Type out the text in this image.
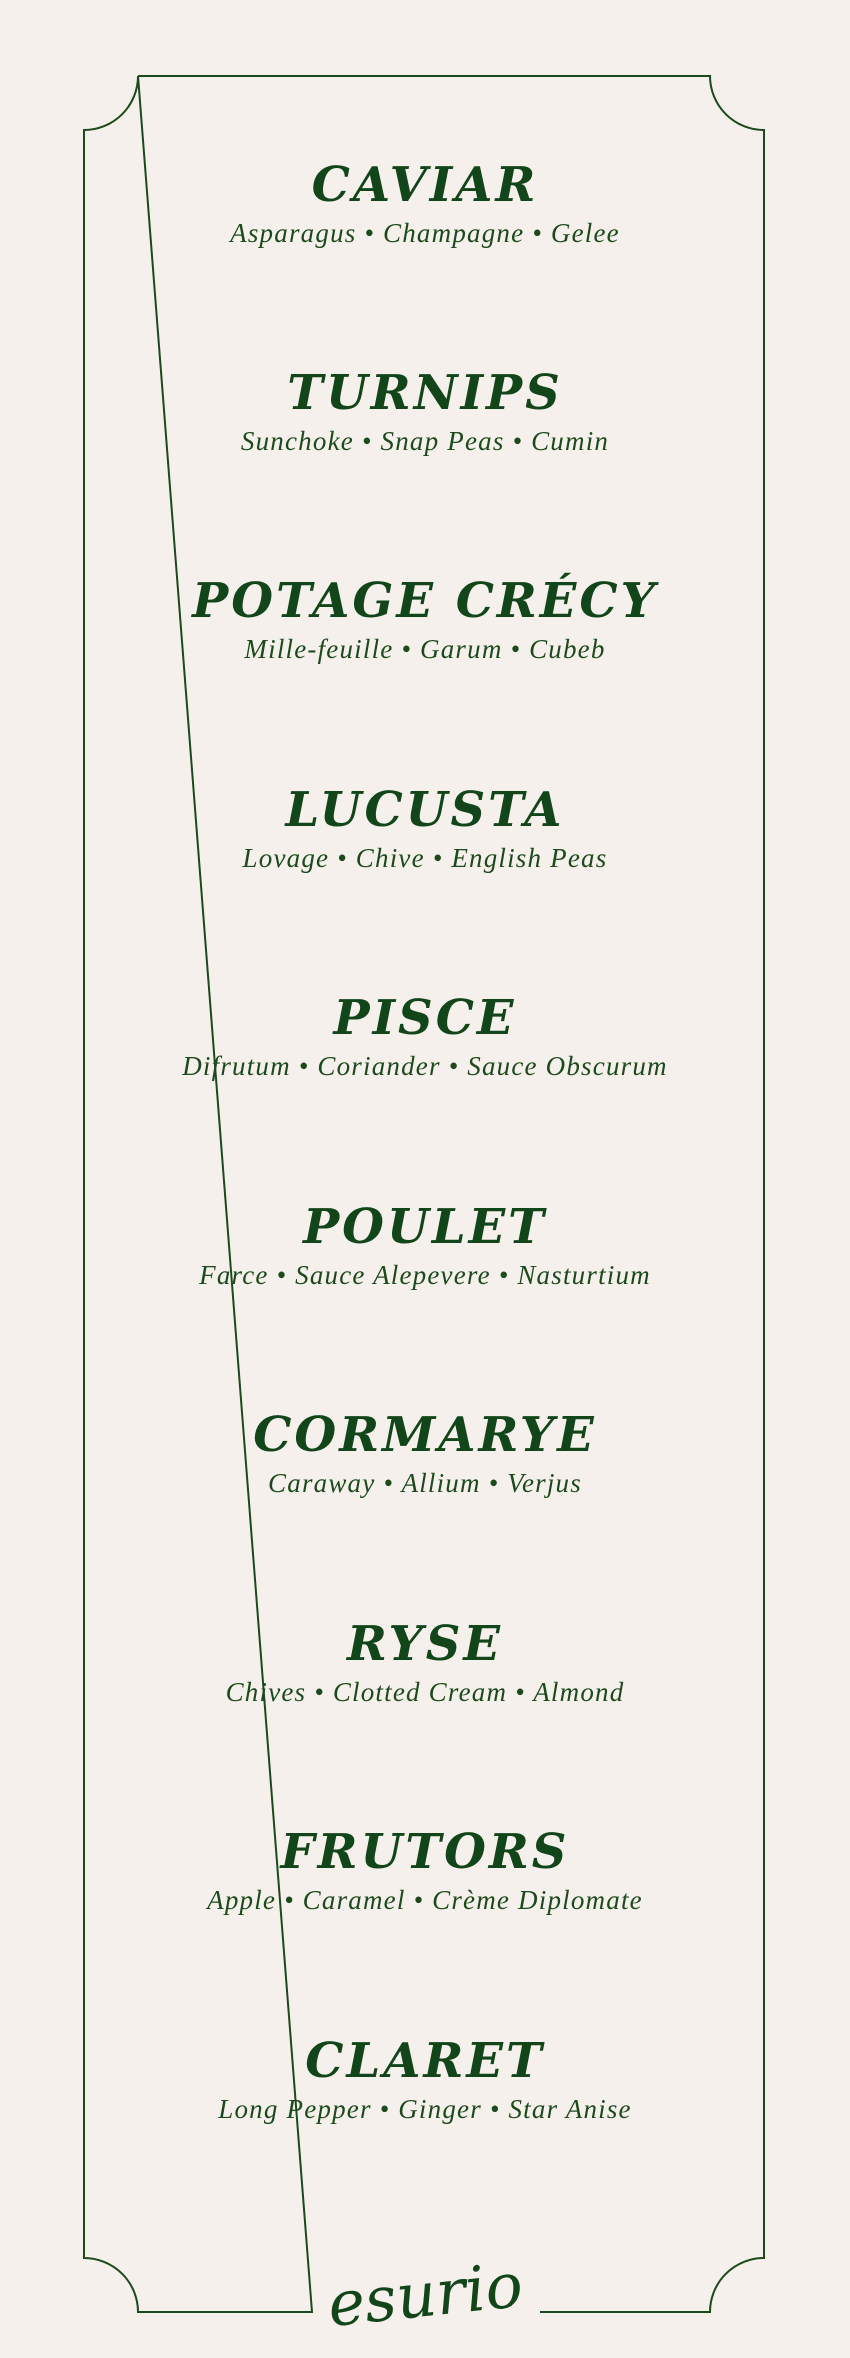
CAVIAR
Asparagus • Champagne • Gelee
TURNIPS
Sunchoke • Snap Peas • Cumin
POTAGE CRÉCY
Mille-feuille • Garum • Cubeb
LUCUSTA
Lovage • Chive • English Peas
PISCE
Difrutum • Coriander • Sauce Obscurum
POULET
Farce • Sauce Alepevere • Nasturtium
CORMARYE
Caraway • Allium • Verjus
RYSE
Chives • Clotted Cream • Almond
FRUTORS
Apple • Caramel • Crème Diplomate
CLARET
Long Pepper • Ginger • Star Anise
esurio
